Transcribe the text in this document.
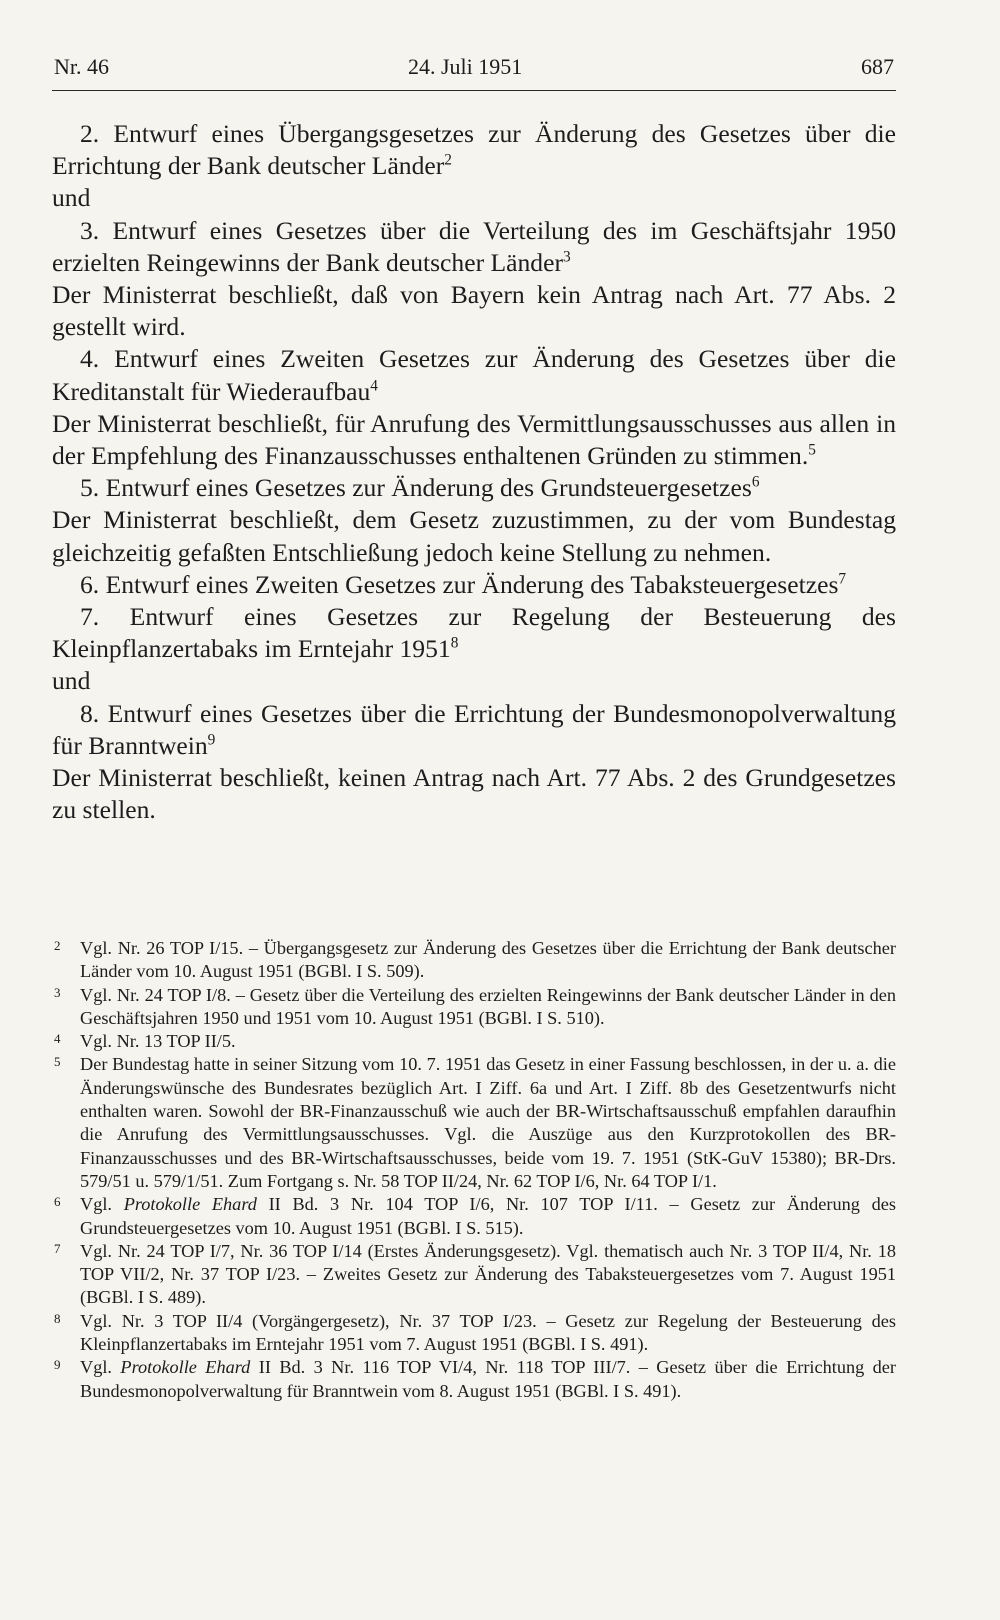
Nr. 46	24. Juli 1951	687

2. Entwurf eines Übergangsgesetzes zur Änderung des Gesetzes über die Errichtung der Bank deutscher Länder$^2$

und

3. Entwurf eines Gesetzes über die Verteilung des im Geschäftsjahr 1950 erzielten Reingewinns der Bank deutscher Länder$^3$

Der Ministerrat beschließt, daß von Bayern kein Antrag nach Art. 77 Abs. 2 gestellt wird.

4. Entwurf eines Zweiten Gesetzes zur Änderung des Gesetzes über die Kreditanstalt für Wiederaufbau$^4$

Der Ministerrat beschließt, für Anrufung des Vermittlungsausschusses aus allen in der Empfehlung des Finanzausschusses enthaltenen Gründen zu stimmen.$^5$

5. Entwurf eines Gesetzes zur Änderung des Grundsteuergesetzes$^6$

Der Ministerrat beschließt, dem Gesetz zuzustimmen, zu der vom Bundestag gleichzeitig gefaßten Entschließung jedoch keine Stellung zu nehmen.

6. Entwurf eines Zweiten Gesetzes zur Änderung des Tabaksteuergesetzes$^7$

7. Entwurf eines Gesetzes zur Regelung der Besteuerung des Kleinpflanzertabaks im Erntejahr 1951$^8$

und

8. Entwurf eines Gesetzes über die Errichtung der Bundesmonopolverwaltung für Branntwein$^9$

Der Ministerrat beschließt, keinen Antrag nach Art. 77 Abs. 2 des Grundgesetzes zu stellen.

2 Vgl. Nr. 26 TOP I/15. – Übergangsgesetz zur Änderung des Gesetzes über die Errichtung der Bank deutscher Länder vom 10. August 1951 (BGBl. I S. 509).

3 Vgl. Nr. 24 TOP I/8. – Gesetz über die Verteilung des erzielten Reingewinns der Bank deutscher Länder in den Geschäftsjahren 1950 und 1951 vom 10. August 1951 (BGBl. I S. 510).

4 Vgl. Nr. 13 TOP II/5.

5 Der Bundestag hatte in seiner Sitzung vom 10. 7. 1951 das Gesetz in einer Fassung beschlossen, in der u. a. die Änderungswünsche des Bundesrates bezüglich Art. I Ziff. 6a und Art. I Ziff. 8b des Gesetzentwurfs nicht enthalten waren. Sowohl der BR-Finanzausschuß wie auch der BR-Wirtschaftsausschuß empfahlen daraufhin die Anrufung des Vermittlungsausschusses. Vgl. die Auszüge aus den Kurzprotokollen des BR-Finanzausschusses und des BR-Wirtschaftsausschusses, beide vom 19. 7. 1951 (StK-GuV 15380); BR-Drs. 579/51 u. 579/1/51. Zum Fortgang s. Nr. 58 TOP II/24, Nr. 62 TOP I/6, Nr. 64 TOP I/1.

6 Vgl. Protokolle Ehard II Bd. 3 Nr. 104 TOP I/6, Nr. 107 TOP I/11. – Gesetz zur Änderung des Grundsteuergesetzes vom 10. August 1951 (BGBl. I S. 515).

7 Vgl. Nr. 24 TOP I/7, Nr. 36 TOP I/14 (Erstes Änderungsgesetz). Vgl. thematisch auch Nr. 3 TOP II/4, Nr. 18 TOP VII/2, Nr. 37 TOP I/23. – Zweites Gesetz zur Änderung des Tabaksteuergesetzes vom 7. August 1951 (BGBl. I S. 489).

8 Vgl. Nr. 3 TOP II/4 (Vorgängergesetz), Nr. 37 TOP I/23. – Gesetz zur Regelung der Besteuerung des Kleinpflanzertabaks im Erntejahr 1951 vom 7. August 1951 (BGBl. I S. 491).

9 Vgl. Protokolle Ehard II Bd. 3 Nr. 116 TOP VI/4, Nr. 118 TOP III/7. – Gesetz über die Errichtung der Bundesmonopolverwaltung für Branntwein vom 8. August 1951 (BGBl. I S. 491).
